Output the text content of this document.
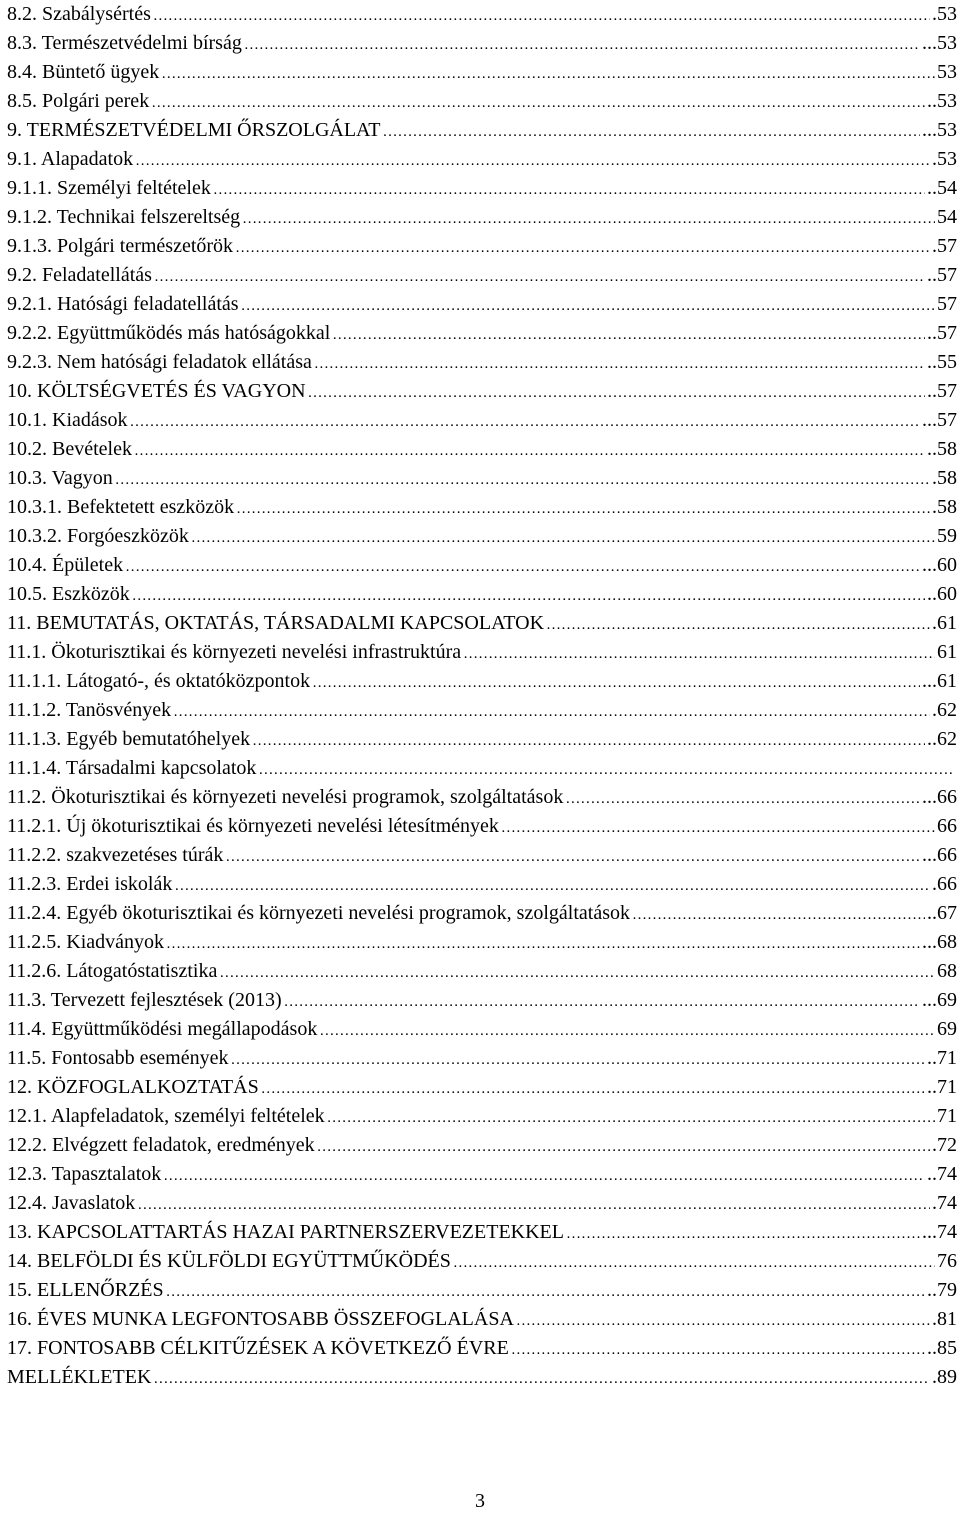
8.2. Szabálysértés …………………………………………………………………………………………………………………………………………………………………………………………………………………………………………………………………………………………………………………………	.53
8.3. Természetvédelmi bírság …………………………………………………………………………………………………………………………………………………………………………………………………………………………………………………………………………………………………………………………	...53
8.4. Büntető ügyek …………………………………………………………………………………………………………………………………………………………………………………………………………………………………………………………………………………………………………………………	53
8.5. Polgári perek …………………………………………………………………………………………………………………………………………………………………………………………………………………………………………………………………………………………………………………………	..53
9. TERMÉSZETVÉDELMI ŐRSZOLGÁLAT …………………………………………………………………………………………………………………………………………………………………………………………………………………………………………………………………………………………………………………………	...53
9.1. Alapadatok …………………………………………………………………………………………………………………………………………………………………………………………………………………………………………………………………………………………………………………………	.53
9.1.1. Személyi feltételek …………………………………………………………………………………………………………………………………………………………………………………………………………………………………………………………………………………………………………………………	..54
9.1.2. Technikai felszereltség …………………………………………………………………………………………………………………………………………………………………………………………………………………………………………………………………………………………………………………………	54
9.1.3. Polgári természetőrök …………………………………………………………………………………………………………………………………………………………………………………………………………………………………………………………………………………………………………………………	.57
9.2. Feladatellátás …………………………………………………………………………………………………………………………………………………………………………………………………………………………………………………………………………………………………………………………	..57
9.2.1. Hatósági feladatellátás …………………………………………………………………………………………………………………………………………………………………………………………………………………………………………………………………………………………………………………………	57
9.2.2. Együttműködés más hatóságokkal …………………………………………………………………………………………………………………………………………………………………………………………………………………………………………………………………………………………………………………………	..57
9.2.3. Nem hatósági feladatok ellátása …………………………………………………………………………………………………………………………………………………………………………………………………………………………………………………………………………………………………………………………	..55
10. KÖLTSÉGVETÉS ÉS VAGYON …………………………………………………………………………………………………………………………………………………………………………………………………………………………………………………………………………………………………………………………	..57
10.1. Kiadások …………………………………………………………………………………………………………………………………………………………………………………………………………………………………………………………………………………………………………………………	...57
10.2. Bevételek …………………………………………………………………………………………………………………………………………………………………………………………………………………………………………………………………………………………………………………………	..58
10.3. Vagyon …………………………………………………………………………………………………………………………………………………………………………………………………………………………………………………………………………………………………………………………	.58
10.3.1. Befektetett eszközök …………………………………………………………………………………………………………………………………………………………………………………………………………………………………………………………………………………………………………………………	.58
10.3.2. Forgóeszközök …………………………………………………………………………………………………………………………………………………………………………………………………………………………………………………………………………………………………………………………	59
10.4. Épületek …………………………………………………………………………………………………………………………………………………………………………………………………………………………………………………………………………………………………………………………	...60
10.5. Eszközök …………………………………………………………………………………………………………………………………………………………………………………………………………………………………………………………………………………………………………………………	..60
11. BEMUTATÁS, OKTATÁS, TÁRSADALMI KAPCSOLATOK …………………………………………………………………………………………………………………………………………………………………………………………………………………………………………………………………………………………………………………………	.61
11.1. Ökoturisztikai és környezeti nevelési infrastruktúra …………………………………………………………………………………………………………………………………………………………………………………………………………………………………………………………………………………………………………………………	61
11.1.1. Látogató-, és oktatóközpontok …………………………………………………………………………………………………………………………………………………………………………………………………………………………………………………………………………………………………………………………	...61
11.1.2. Tanösvények …………………………………………………………………………………………………………………………………………………………………………………………………………………………………………………………………………………………………………………………	.62
11.1.3. Egyéb bemutatóhelyek …………………………………………………………………………………………………………………………………………………………………………………………………………………………………………………………………………………………………………………………	..62
11.1.4. Társadalmi kapcsolatok
…………………………………………………………………………………………………………………………………………………………………………………………………………………………………………………………………………………………………………………………
11.2. Ökoturisztikai és környezeti nevelési programok, szolgáltatások …………………………………………………………………………………………………………………………………………………………………………………………………………………………………………………………………………………………………………………………	...66
11.2.1. Új ökoturisztikai és környezeti nevelési létesítmények …………………………………………………………………………………………………………………………………………………………………………………………………………………………………………………………………………………………………………………………	66
11.2.2. szakvezetéses túrák …………………………………………………………………………………………………………………………………………………………………………………………………………………………………………………………………………………………………………………………	...66
11.2.3. Erdei iskolák …………………………………………………………………………………………………………………………………………………………………………………………………………………………………………………………………………………………………………………………	.66
11.2.4. Egyéb ökoturisztikai és környezeti nevelési programok, szolgáltatások …………………………………………………………………………………………………………………………………………………………………………………………………………………………………………………………………………………………………………………………	..67
11.2.5. Kiadványok …………………………………………………………………………………………………………………………………………………………………………………………………………………………………………………………………………………………………………………………	...68
11.2.6. Látogatóstatisztika …………………………………………………………………………………………………………………………………………………………………………………………………………………………………………………………………………………………………………………………	68
11.3. Tervezett fejlesztések (2013) …………………………………………………………………………………………………………………………………………………………………………………………………………………………………………………………………………………………………………………………	...69
11.4. Együttműködési megállapodások …………………………………………………………………………………………………………………………………………………………………………………………………………………………………………………………………………………………………………………………	69
11.5. Fontosabb események …………………………………………………………………………………………………………………………………………………………………………………………………………………………………………………………………………………………………………………………	..71
12. KÖZFOGLALKOZTATÁS …………………………………………………………………………………………………………………………………………………………………………………………………………………………………………………………………………………………………………………………	..71
12.1. Alapfeladatok, személyi feltételek …………………………………………………………………………………………………………………………………………………………………………………………………………………………………………………………………………………………………………………………	71
12.2. Elvégzett feladatok, eredmények …………………………………………………………………………………………………………………………………………………………………………………………………………………………………………………………………………………………………………………………	.72
12.3. Tapasztalatok …………………………………………………………………………………………………………………………………………………………………………………………………………………………………………………………………………………………………………………………	..74
12.4. Javaslatok …………………………………………………………………………………………………………………………………………………………………………………………………………………………………………………………………………………………………………………………	.74
13. KAPCSOLATTARTÁS HAZAI PARTNERSZERVEZETEKKEL …………………………………………………………………………………………………………………………………………………………………………………………………………………………………………………………………………………………………………………………	...74
14. BELFÖLDI ÉS KÜLFÖLDI EGYÜTTMŰKÖDÉS …………………………………………………………………………………………………………………………………………………………………………………………………………………………………………………………………………………………………………………………	76
15. ELLENŐRZÉS …………………………………………………………………………………………………………………………………………………………………………………………………………………………………………………………………………………………………………………………	..79
16. ÉVES MUNKA LEGFONTOSABB ÖSSZEFOGLALÁSA …………………………………………………………………………………………………………………………………………………………………………………………………………………………………………………………………………………………………………………………	.81
17. FONTOSABB CÉLKITŰZÉSEK A KÖVETKEZŐ ÉVRE …………………………………………………………………………………………………………………………………………………………………………………………………………………………………………………………………………………………………………………………	..85
MELLÉKLETEK …………………………………………………………………………………………………………………………………………………………………………………………………………………………………………………………………………………………………………………………	.89
3
